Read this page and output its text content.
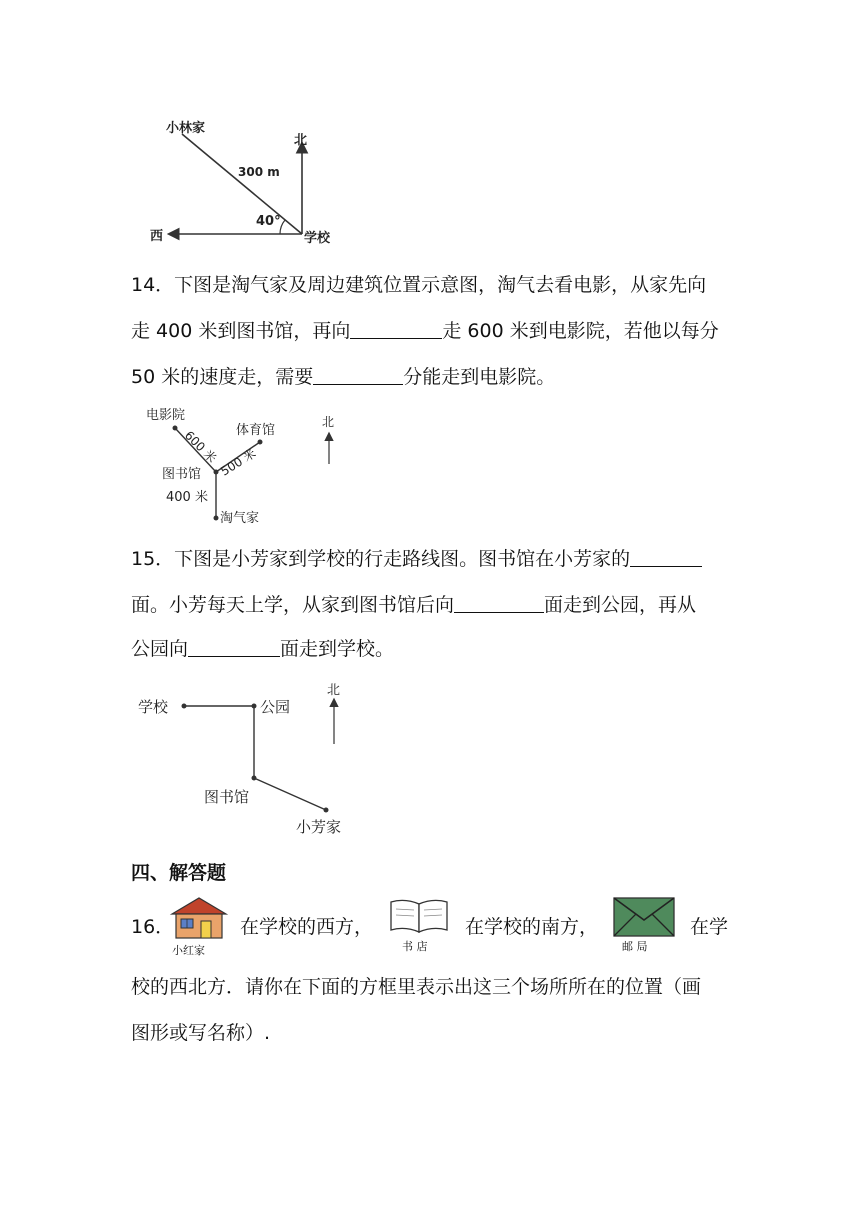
小林家
北
300 m
40°
西	学校
14．下图是淘气家及周边建筑位置示意图，淘气去看电影，从家先向
走 400 米到图书馆，再向	走 600 米到电影院，若他以每分
50 米的速度走，需要	分能走到电影院。
电影院
体育馆
图书馆
淘气家
600 米 500 米
400 米
北
15．下图是小芳家到学校的行走路线图。图书馆在小芳家的
面。小芳每天上学，从家到图书馆后向	面走到公园，再从
公园向	面走到学校。
学校	公园
图书馆
小芳家
北
四、解答题
16．
小红家
在学校的西方，
书 店
在学校的南方，
邮 局
在学
校的西北方．请你在下面的方框里表示出这三个场所所在的位置（画
图形或写名称）.
